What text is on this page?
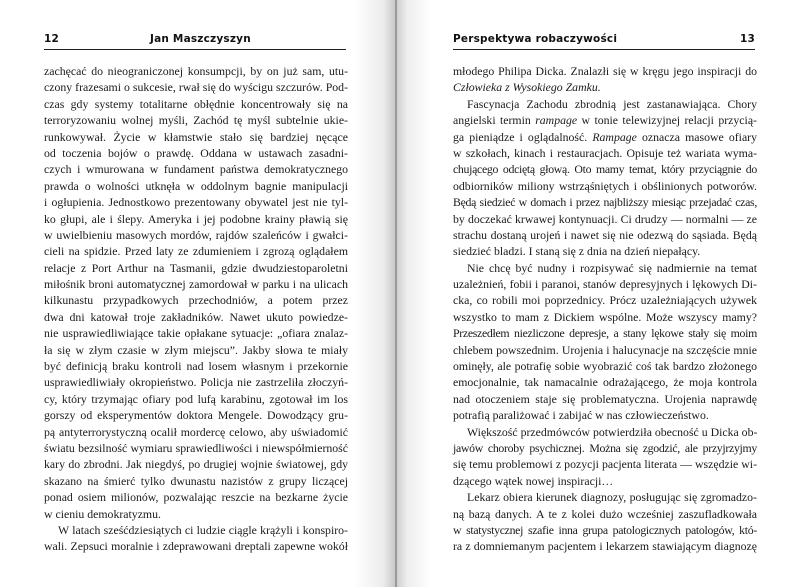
12	Jan Maszczyszyn
zachęcać do nieograniczonej konsumpcji, by on już sam, utu-
czony frazesami o sukcesie, rwał się do wyścigu szczurów. Pod-
czas gdy systemy totalitarne obłędnie koncentrowały się na
terroryzowaniu wolnej myśli, Zachód tę myśl subtelnie ukie-
runkowywał. Życie w kłamstwie stało się bardziej nęcące
od toczenia bojów o prawdę. Oddana w ustawach zasadni-
czych i wmurowana w fundament państwa demokratycznego
prawda o wolności utknęła w oddolnym bagnie manipulacji
i ogłupienia. Jednostkowo prezentowany obywatel jest nie tyl-
ko głupi, ale i ślepy. Ameryka i jej podobne krainy pławią się
w uwielbieniu masowych mordów, rajdów szaleńców i gwałci-
cieli na spidzie. Przed laty ze zdumieniem i zgrozą oglądałem
relacje z Port Arthur na Tasmanii, gdzie dwudziestoparoletni
miłośnik broni automatycznej zamordował w parku i na ulicach
kilkunastu przypadkowych przechodniów, a potem przez
dwa dni katował troje zakładników. Nawet ukuto powiedze-
nie usprawiedliwiające takie opłakane sytuacje: „ofiara znalaz-
ła się w złym czasie w złym miejscu”. Jakby słowa te miały
być definicją braku kontroli nad losem własnym i przekornie
usprawiedliwiały okropieństwo. Policja nie zastrzeliła złoczyń-
cy, który trzymając ofiary pod lufą karabinu, zgotował im los
gorszy od eksperymentów doktora Mengele. Dowodzący gru-
pą antyterrorystyczną ocalił mordercę celowo, aby uświadomić
światu bezsilność wymiaru sprawiedliwości i niewspółmierność
kary do zbrodni. Jak niegdyś, po drugiej wojnie światowej, gdy
skazano na śmierć tylko dwunastu nazistów z grupy liczącej
ponad osiem milionów, pozwalając reszcie na bezkarne życie
w cieniu demokratyzmu.
W latach sześćdziesiątych ci ludzie ciągle krążyli i konspiro-
wali. Zepsuci moralnie i zdeprawowani dreptali zapewne wokół
Perspektywa robaczywości	13
młodego Philipa Dicka. Znalazłi się w kręgu jego inspiracji do
Człowieka z Wysokiego Zamku.
Fascynacja Zachodu zbrodnią jest zastanawiająca. Chory
angielski termin rampage w tonie telewizyjnej relacji przycią-
ga pieniądze i oglądalność. Rampage oznacza masowe ofiary
w szkołach, kinach i restauracjach. Opisuje też wariata wyma-
chującego odciętą głową. Oto mamy temat, który przyciągnie do
odbiorników miliony wstrząśniętych i obślinionych potworów.
Będą siedzieć w domach i przez najbliższy miesiąc przejadać czas,
by doczekać krwawej kontynuacji. Ci drudzy — normalni — ze
strachu dostaną urojeń i nawet się nie odezwą do sąsiada. Będą
siedzieć bladzi. I staną się z dnia na dzień niepałący.
Nie chcę być nudny i rozpisywać się nadmiernie na temat
uzależnień, fobii i paranoi, stanów depresyjnych i lękowych Di-
cka, co robili moi poprzednicy. Prócz uzależniających używek
wszystko to mam z Dickiem wspólne. Może wszyscy mamy?
Przeszedłem niezliczone depresje, a stany lękowe stały się moim
chlebem powszednim. Urojenia i halucynacje na szczęście mnie
ominęły, ale potrafię sobie wyobrazić coś tak bardzo złożonego
emocjonalnie, tak namacalnie odrażającego, że moja kontrola
nad otoczeniem staje się problematyczna. Urojenia naprawdę
potrafią paraliżować i zabijać w nas człowieczeństwo.
Większość przedmówców potwierdziła obecność u Dicka ob-
jawów choroby psychicznej. Można się zgodzić, ale przyjrzyjmy
się temu problemowi z pozycji pacjenta literata — wszędzie wi-
dzącego wątek nowej inspiracji…
Lekarz obiera kierunek diagnozy, posługując się zgromadzo-
ną bazą danych. A te z kolei dużo wcześniej zaszufladkowała
w statystycznej szafie inna grupa patologicznych patologów, któ-
ra z domniemanym pacjentem i lekarzem stawiającym diagnozę
